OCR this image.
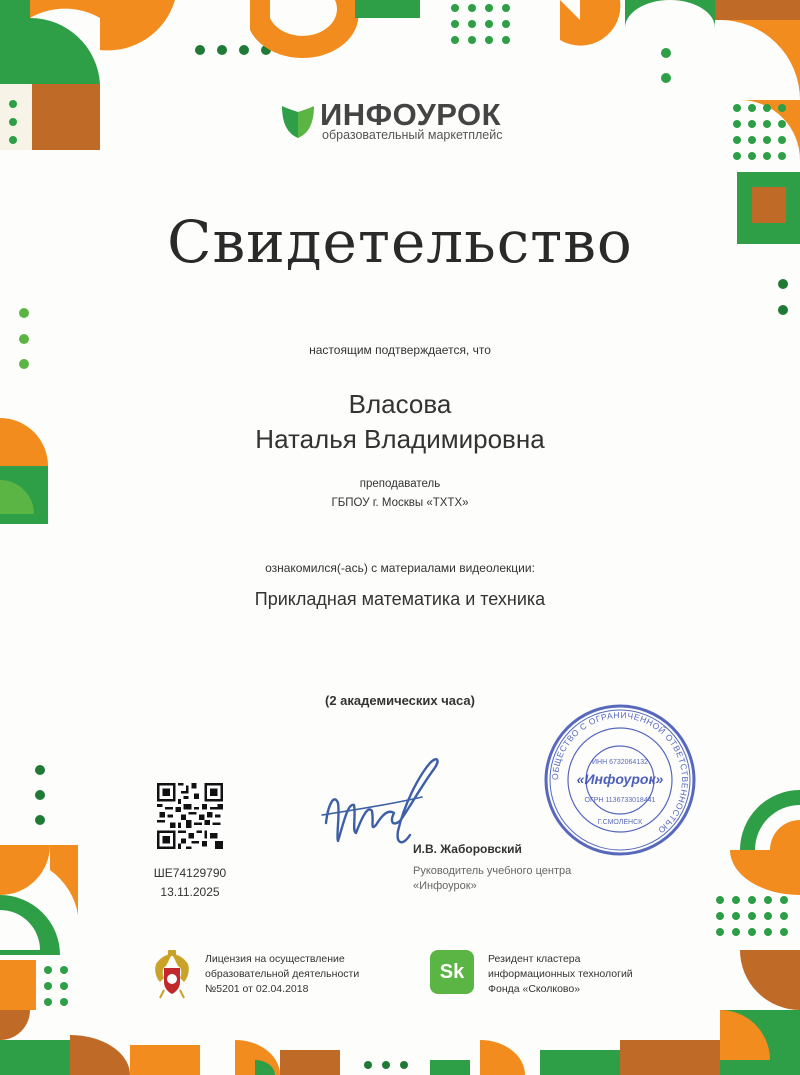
ИНФОУРОК
образовательный маркетплейс
Свидетельство
настоящим подтверждается, что
Власова
Наталья Владимировна
преподаватель
ГБПОУ г. Москвы «ТХТХ»
ознакомился(-ась) с материалами видеолекции:
Прикладная математика и техника
(2 академических часа)
ШЕ74129790
13.11.2025
И.В. Жаборовский
Руководитель учебного центра
«Инфоурок»
ОБЩЕСТВО С ОГРАНИЧЕННОЙ ОТВЕТСТВЕННОСТЬЮ
ИНН 6732064132
«Инфоурок»
ОГРН 1136733018441
Г.СМОЛЕНСК
Лицензия на осуществление
образовательной деятельности
№5201 от 02.04.2018
Sk
Резидент кластера
информационных технологий
Фонда «Сколково»
